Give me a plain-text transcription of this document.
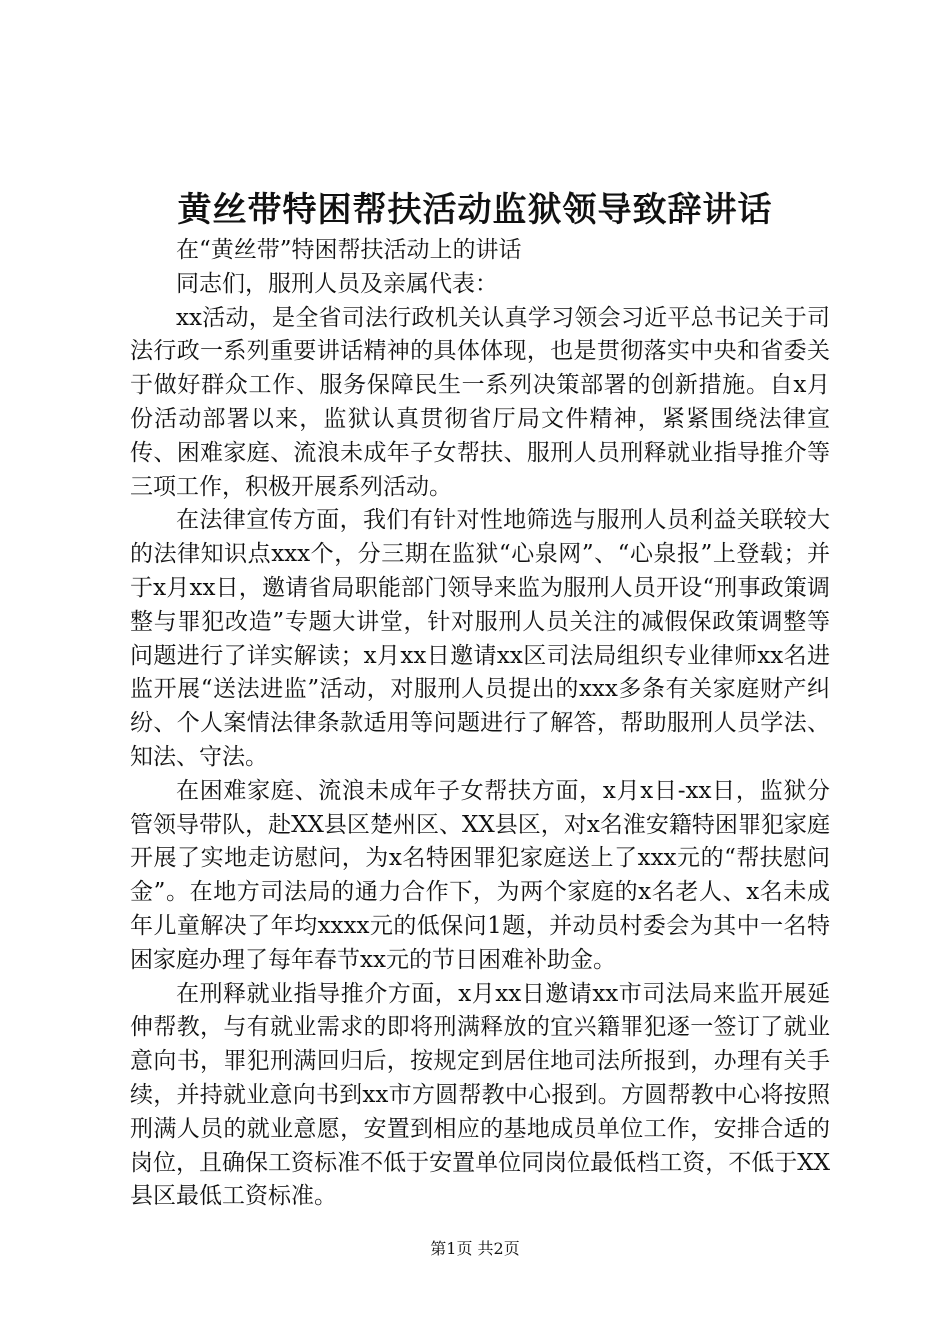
黄丝带特困帮扶活动监狱领导致辞讲话

在“黄丝带”特困帮扶活动上的讲话

同志们，服刑人员及亲属代表：

xx活动，是全省司法行政机关认真学习领会习近平总书记关于司法行政一系列重要讲话精神的具体体现，也是贯彻落实中央和省委关于做好群众工作、服务保障民生一系列决策部署的创新措施。自x月份活动部署以来，监狱认真贯彻省厅局文件精神，紧紧围绕法律宣传、困难家庭、流浪未成年子女帮扶、服刑人员刑释就业指导推介等三项工作，积极开展系列活动。

在法律宣传方面，我们有针对性地筛选与服刑人员利益关联较大的法律知识点xxx个，分三期在监狱“心泉网”、“心泉报”上登载；并于x月xx日，邀请省局职能部门领导来监为服刑人员开设“刑事政策调整与罪犯改造”专题大讲堂，针对服刑人员关注的减假保政策调整等问题进行了详实解读；x月xx日邀请xx区司法局组织专业律师xx名进监开展“送法进监”活动，对服刑人员提出的xxx多条有关家庭财产纠纷、个人案情法律条款适用等问题进行了解答，帮助服刑人员学法、知法、守法。

在困难家庭、流浪未成年子女帮扶方面，x月x日-xx日，监狱分管领导带队，赴XX县区楚州区、XX县区，对x名淮安籍特困罪犯家庭开展了实地走访慰问，为x名特困罪犯家庭送上了xxx元的“帮扶慰问金”。在地方司法局的通力合作下，为两个家庭的x名老人、x名未成年儿童解决了年均xxxx元的低保问1题，并动员村委会为其中一名特困家庭办理了每年春节xx元的节日困难补助金。

在刑释就业指导推介方面，x月xx日邀请xx市司法局来监开展延伸帮教，与有就业需求的即将刑满释放的宜兴籍罪犯逐一签订了就业意向书，罪犯刑满回归后，按规定到居住地司法所报到，办理有关手续，并持就业意向书到xx市方圆帮教中心报到。方圆帮教中心将按照刑满人员的就业意愿，安置到相应的基地成员单位工作，安排合适的岗位，且确保工资标准不低于安置单位同岗位最低档工资，不低于XX县区最低工资标准。

第1页 共2页
